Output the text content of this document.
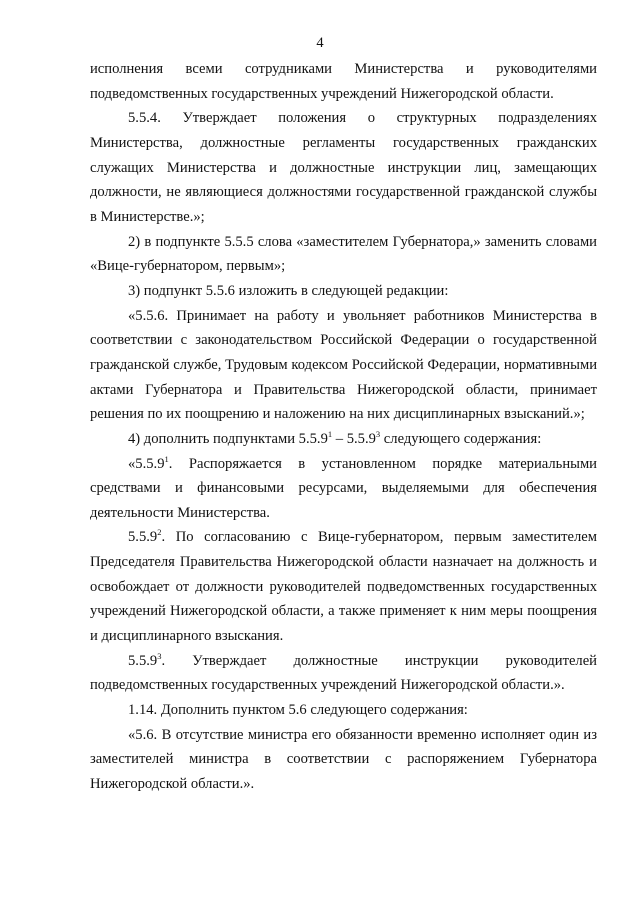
4

исполнения всеми сотрудниками Министерства и руководителями подведомственных государственных учреждений Нижегородской области.

5.5.4. Утверждает положения о структурных подразделениях Министерства, должностные регламенты государственных гражданских служащих Министерства и должностные инструкции лиц, замещающих должности, не являющиеся должностями государственной гражданской службы в Министерстве.»;

2) в подпункте 5.5.5 слова «заместителем Губернатора,» заменить словами «Вице-губернатором, первым»;

3) подпункт 5.5.6 изложить в следующей редакции:

«5.5.6. Принимает на работу и увольняет работников Министерства в соответствии с законодательством Российской Федерации о государственной гражданской службе, Трудовым кодексом Российской Федерации, нормативными актами Губернатора и Правительства Нижегородской области, принимает решения по их поощрению и наложению на них дисциплинарных взысканий.»;

4) дополнить подпунктами 5.5.9$^1$ – 5.5.9$^3$ следующего содержания:

«5.5.9$^1$. Распоряжается в установленном порядке материальными средствами и финансовыми ресурсами, выделяемыми для обеспечения деятельности Министерства.

5.5.9$^2$. По согласованию с Вице-губернатором, первым заместителем Председателя Правительства Нижегородской области назначает на должность и освобождает от должности руководителей подведомственных государственных учреждений Нижегородской области, а также применяет к ним меры поощрения и дисциплинарного взыскания.

5.5.9$^3$. Утверждает должностные инструкции руководителей подведомственных государственных учреждений Нижегородской области.».

1.14. Дополнить пунктом 5.6 следующего содержания:

«5.6. В отсутствие министра его обязанности временно исполняет один из заместителей министра в соответствии с распоряжением Губернатора Нижегородской области.».
